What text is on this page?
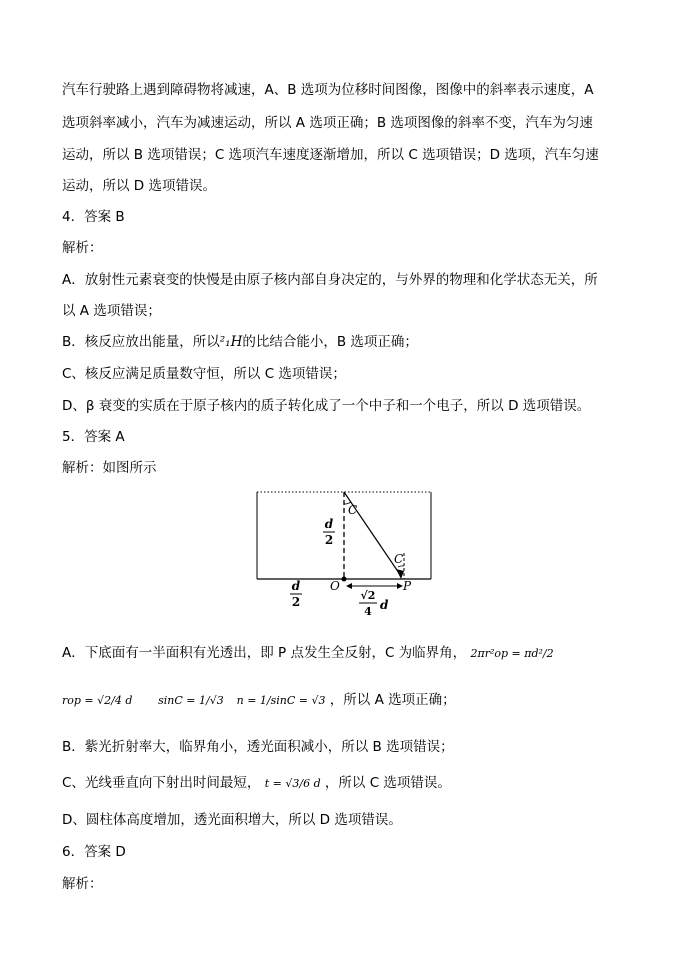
汽车行驶路上遇到障碍物将减速，A、B 选项为位移时间图像，图像中的斜率表示速度，A
选项斜率减小，汽车为减速运动，所以 A 选项正确；B 选项图像的斜率不变，汽车为匀速
运动，所以 B 选项错误；C 选项汽车速度逐渐增加，所以 C 选项错误；D 选项，汽车匀速
运动，所以 D 选项错误。
4．答案 B
解析：
A．放射性元素衰变的快慢是由原子核内部自身决定的，与外界的物理和化学状态无关，所
以 A 选项错误；
B．核反应放出能量，所以²₁H的比结合能小，B 选项正确；
C、核反应满足质量数守恒，所以 C 选项错误；
D、β 衰变的实质在于原子核内的质子转化成了一个中子和一个电子，所以 D 选项错误。
5．答案 A
解析：如图所示
C
C
d
2
O	P
d
2	√2
4 d
A．下底面有一半面积有光透出，即 P 点发生全反射，C 为临界角， 2πr²op = πd²/2
rop = √2/4 d sinC = 1/√3 n = 1/sinC = √3 ，所以 A 选项正确；
B．紫光折射率大，临界角小，透光面积减小，所以 B 选项错误；
C、光线垂直向下射出时间最短， t = √3/6 d ，所以 C 选项错误。
D、圆柱体高度增加，透光面积增大，所以 D 选项错误。
6．答案 D
解析：
